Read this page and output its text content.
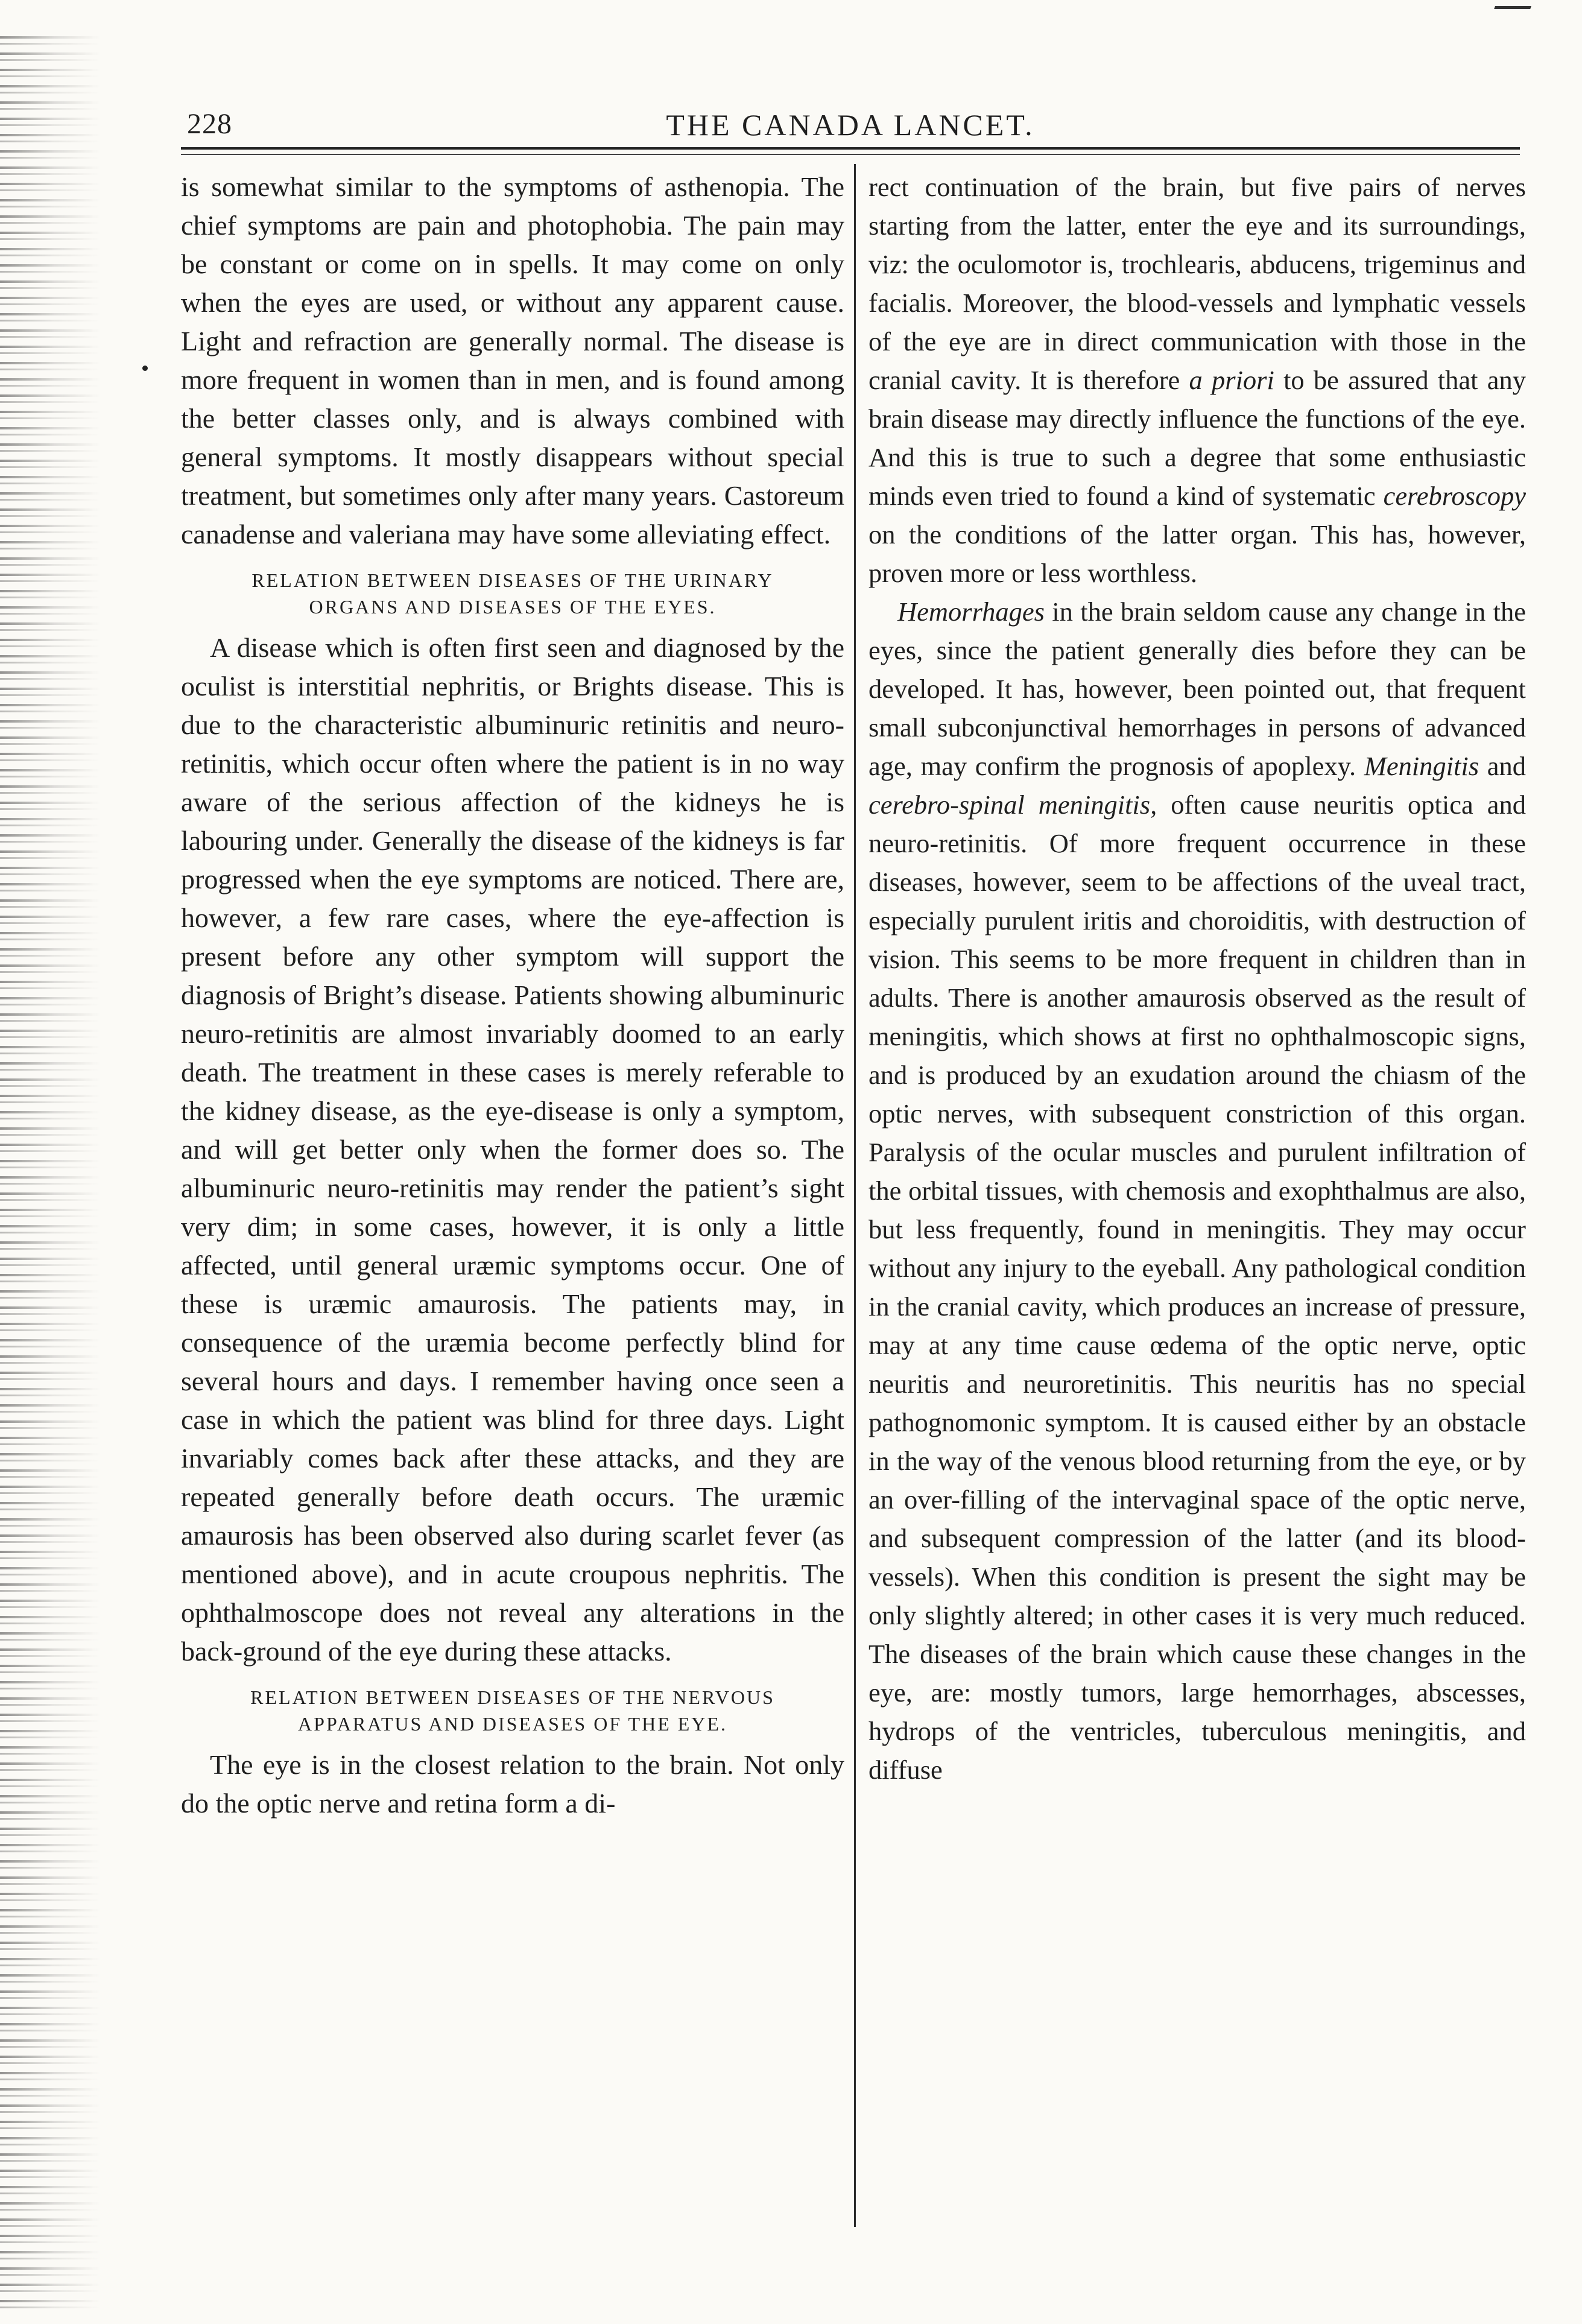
228	THE CANADA LANCET.

is somewhat similar to the symptoms of asthenopia. The chief symptoms are pain and photophobia. The pain may be constant or come on in spells. It may come on only when the eyes are used, or without any apparent cause. Light and refraction are generally normal. The disease is more frequent in women than in men, and is found among the better classes only, and is always combined with general symptoms. It mostly disappears without special treatment, but sometimes only after many years. Castoreum canadense and valeriana may have some alleviating effect.

RELATION BETWEEN DISEASES OF THE URINARY
ORGANS AND DISEASES OF THE EYES.

A disease which is often first seen and diagnosed by the oculist is interstitial nephritis, or Brights disease. This is due to the characteristic albuminuric retinitis and neuro-retinitis, which occur often where the patient is in no way aware of the serious affection of the kidneys he is labouring under. Generally the disease of the kidneys is far progressed when the eye symptoms are noticed. There are, however, a few rare cases, where the eye-affection is present before any other symptom will support the diagnosis of Bright’s disease. Patients showing albuminuric neuro-retinitis are almost invariably doomed to an early death. The treatment in these cases is merely referable to the kidney disease, as the eye-disease is only a symptom, and will get better only when the former does so. The albuminuric neuro-retinitis may render the patient’s sight very dim; in some cases, however, it is only a little affected, until general uræmic symptoms occur. One of these is uræmic amaurosis. The patients may, in consequence of the uræmia become perfectly blind for several hours and days. I remember having once seen a case in which the patient was blind for three days. Light invariably comes back after these attacks, and they are repeated generally before death occurs. The uræmic amaurosis has been observed also during scarlet fever (as mentioned above), and in acute croupous nephritis. The ophthalmoscope does not reveal any alterations in the back-ground of the eye during these attacks.

RELATION BETWEEN DISEASES OF THE NERVOUS
APPARATUS AND DISEASES OF THE EYE.

The eye is in the closest relation to the brain. Not only do the optic nerve and retina form a di-

rect continuation of the brain, but five pairs of nerves starting from the latter, enter the eye and its surroundings, viz: the oculomotor is, trochlearis, abducens, trigeminus and facialis. Moreover, the blood-vessels and lymphatic vessels of the eye are in direct communication with those in the cranial cavity. It is therefore a priori to be assured that any brain disease may directly influence the functions of the eye. And this is true to such a degree that some enthusiastic minds even tried to found a kind of systematic cerebroscopy on the conditions of the latter organ. This has, however, proven more or less worthless.

Hemorrhages in the brain seldom cause any change in the eyes, since the patient generally dies before they can be developed. It has, however, been pointed out, that frequent small subconjunctival hemorrhages in persons of advanced age, may confirm the prognosis of apoplexy. Meningitis and cerebro-spinal meningitis, often cause neuritis optica and neuro-retinitis. Of more frequent occurrence in these diseases, however, seem to be affections of the uveal tract, especially purulent iritis and choroiditis, with destruction of vision. This seems to be more frequent in children than in adults. There is another amaurosis observed as the result of meningitis, which shows at first no ophthalmoscopic signs, and is produced by an exudation around the chiasm of the optic nerves, with subsequent constriction of this organ. Paralysis of the ocular muscles and purulent infiltration of the orbital tissues, with chemosis and exophthalmus are also, but less frequently, found in meningitis. They may occur without any injury to the eyeball. Any pathological condition in the cranial cavity, which produces an increase of pressure, may at any time cause œdema of the optic nerve, optic neuritis and neuroretinitis. This neuritis has no special pathognomonic symptom. It is caused either by an obstacle in the way of the venous blood returning from the eye, or by an over-filling of the intervaginal space of the optic nerve, and subsequent compression of the latter (and its blood-vessels). When this condition is present the sight may be only slightly altered; in other cases it is very much reduced. The diseases of the brain which cause these changes in the eye, are: mostly tumors, large hemorrhages, abscesses, hydrops of the ventricles, tuberculous meningitis, and diffuse
